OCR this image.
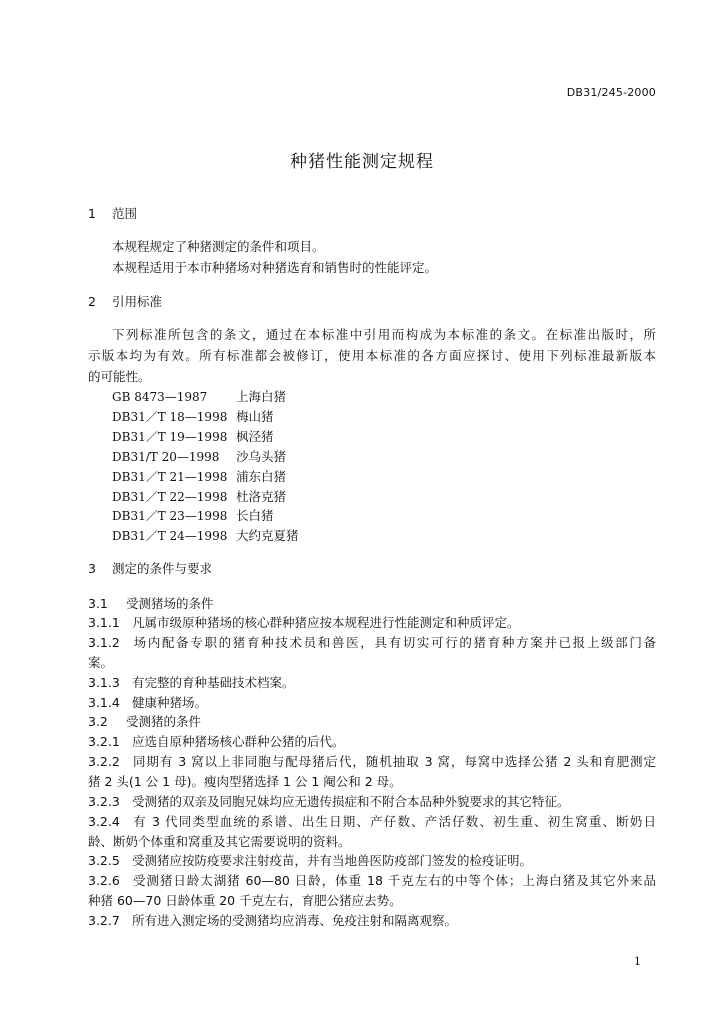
DB31/245-2000
种猪性能测定规程
1 范围
本规程规定了种猪测定的条件和项目。
本规程适用于本市种猪场对种猪选育和销售时的性能评定。
2 引用标准
下列标准所包含的条文，通过在本标准中引用而构成为本标准的条文。在标准出版时，所
示版本均为有效。所有标准都会被修订，使用本标准的各方面应探讨、使用下列标准最新版本
的可能性。
GB 8473—1987 上海白猪
DB31／T 18—1998 梅山猪
DB31／T 19—1998 枫泾猪
DB31/T 20—1998 沙乌头猪
DB31／T 21—1998 浦东白猪
DB31／T 22—1998 杜洛克猪
DB31／T 23—1998 长白猪
DB31／T 24—1998 大约克夏猪
3 测定的条件与要求
3.1 受测猪场的条件
3.1.1 凡属市级原种猪场的核心群种猪应按本规程进行性能测定和种质评定。
3.1.2 场内配备专职的猪育种技术员和兽医，具有切实可行的猪育种方案并已报上级部门备
案。
3.1.3 有完整的育种基础技术档案。
3.1.4 健康种猪场。
3.2 受测猪的条件
3.2.1 应选自原种猪场核心群种公猪的后代。
3.2.2 同期有 3 窝以上非同胞与配母猪后代，随机抽取 3 窝，每窝中选择公猪 2 头和育肥测定
猪 2 头(1 公 1 母)。瘦肉型猪选择 1 公 1 阉公和 2 母。
3.2.3 受测猪的双亲及同胞兄妹均应无遗传损症和不附合本品种外貌要求的其它特征。
3.2.4 有 3 代同类型血统的系谱、出生日期、产仔数、产活仔数、初生重、初生窝重、断奶日
龄、断奶个体重和窝重及其它需要说明的资料。
3.2.5 受测猪应按防疫要求注射疫苗，并有当地兽医防疫部门签发的检疫证明。
3.2.6 受测猪日龄太湖猪 60—80 日龄，体重 18 千克左右的中等个体；上海白猪及其它外来品
种猪 60—70 日龄体重 20 千克左右，育肥公猪应去势。
3.2.7 所有进入测定场的受测猪均应消毒、免疫注射和隔离观察。
1
